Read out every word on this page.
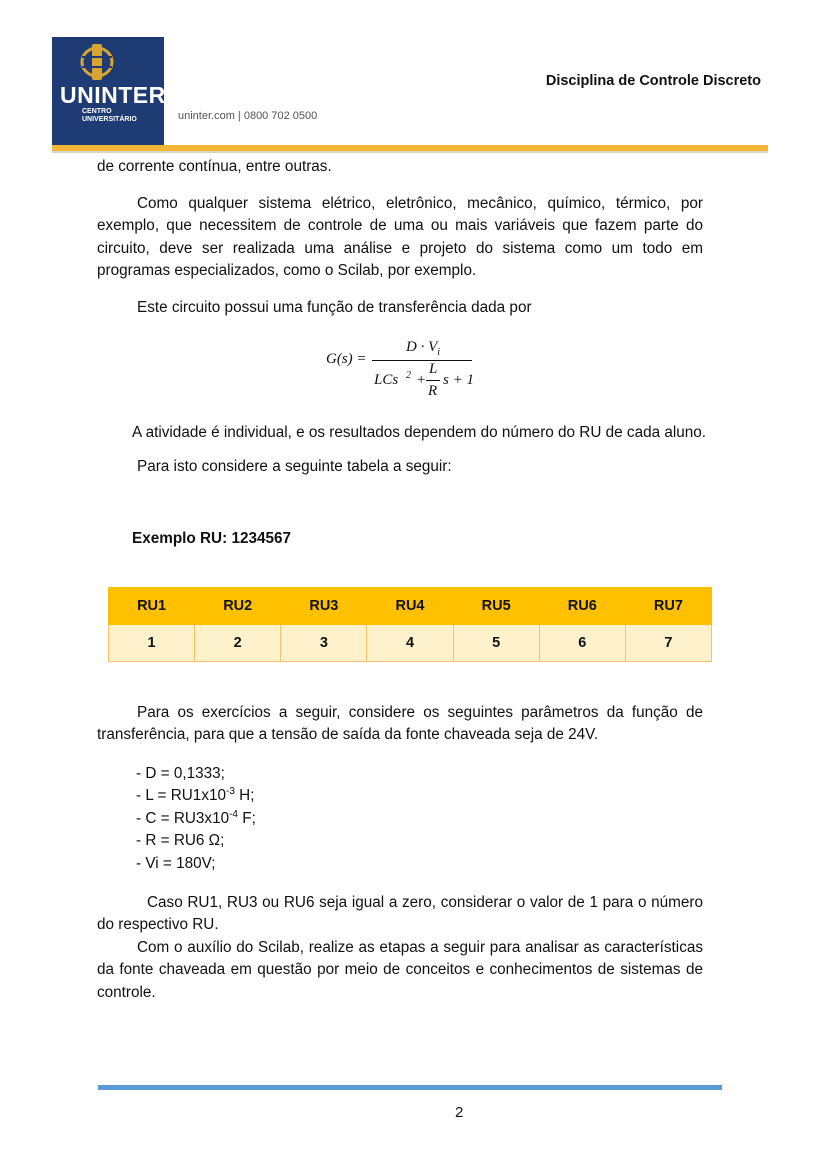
UNINTER
CENTRO
UNIVERSITÁRIO	uninter.com | 0800 702 0500
Disciplina de Controle Discreto

de corrente contínua, entre outras.

Como qualquer sistema elétrico, eletrônico, mecânico, químico, térmico, por exemplo, que necessitem de controle de uma ou mais variáveis que fazem parte do circuito, deve ser realizada uma análise e projeto do sistema como um todo em programas especializados, como o Scilab, por exemplo.

Este circuito possui uma função de transferência dada por

G(s) =
$D \cdot V_i$
LCs 2 +
L
R
s + 1

A atividade é individual, e os resultados dependem do número do RU de cada aluno.

Para isto considere a seguinte tabela a seguir:

Exemplo RU: 1234567

RU1	RU2	RU3	RU4	RU5	RU6	RU7
1	2	3	4	5	6	7

Para os exercícios a seguir, considere os seguintes parâmetros da função de transferência, para que a tensão de saída da fonte chaveada seja de 24V.

- D = 0,1333;
- $L = RU1x10^{-3}$ H;
- $C = RU3x10^{-4}$ F;
- R = RU6 Ω;
- Vi = 180V;

Caso RU1, RU3 ou RU6 seja igual a zero, considerar o valor de 1 para o número do respectivo RU.

Com o auxílio do Scilab, realize as etapas a seguir para analisar as características da fonte chaveada em questão por meio de conceitos e conhecimentos de sistemas de controle.

2
